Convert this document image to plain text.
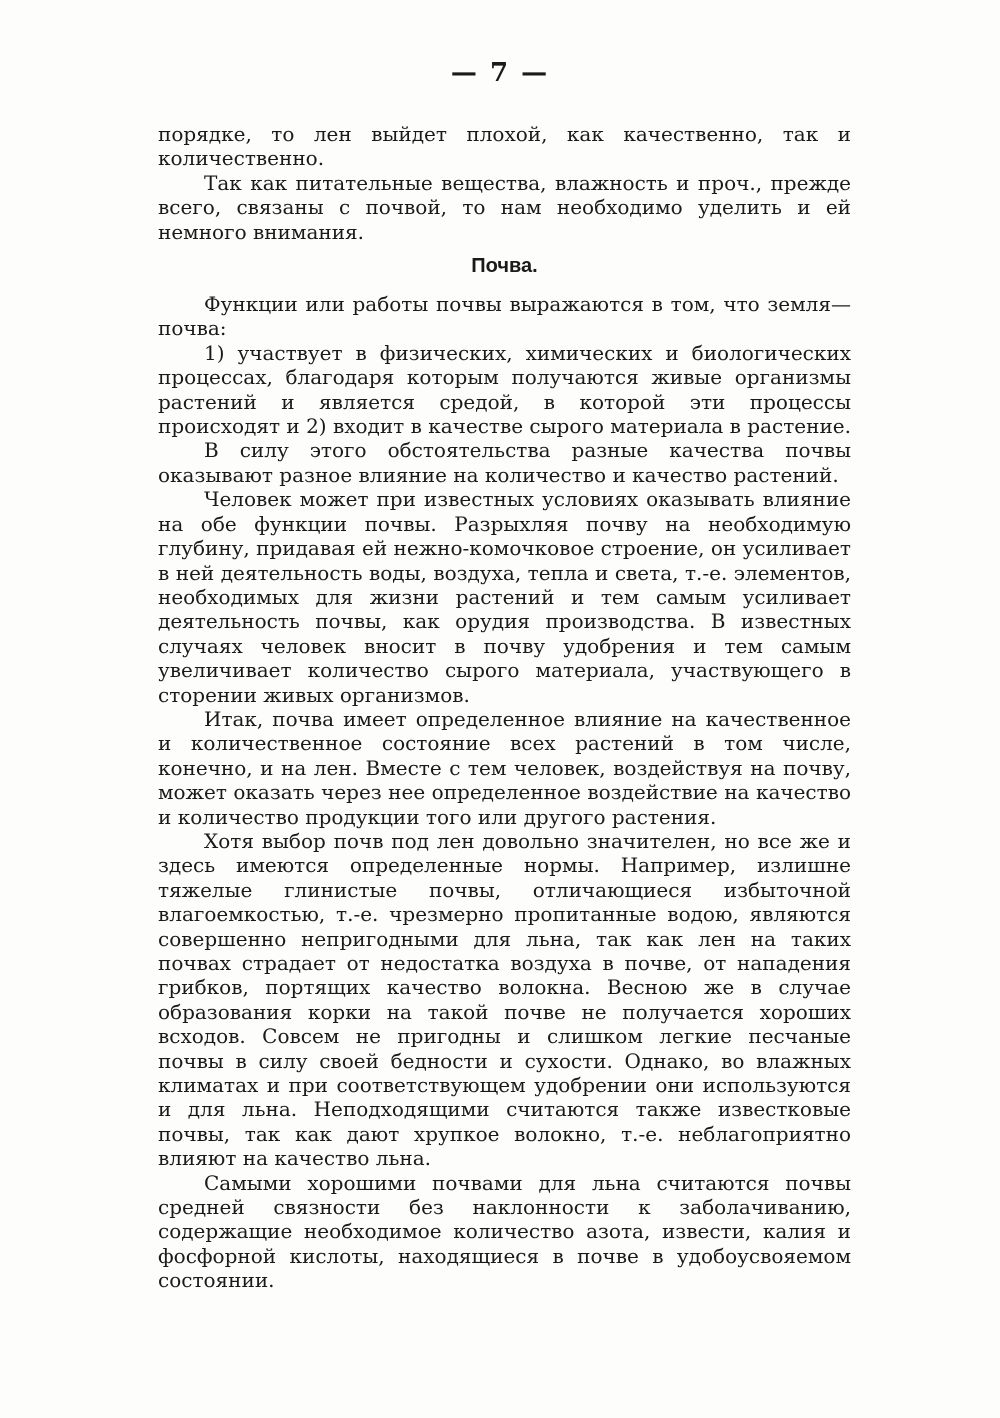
— 7 —

порядке, то лен выйдет плохой, как качественно, так и количественно.

Так как питательные вещества, влажность и проч., прежде всего, связаны с почвой, то нам необходимо уделить и ей немного внимания.

Почва.

Функции или работы почвы выражаются в том, что земля—почва:

1) участвует в физических, химических и биологических процессах, благодаря которым получаются живые организмы растений и является средой, в которой эти процессы происходят и 2) входит в качестве сырого материала в растение.

В силу этого обстоятельства разные качества почвы оказывают разное влияние на количество и качество растений.

Человек может при известных условиях оказывать влияние на обе функции почвы. Разрыхляя почву на необходимую глубину, придавая ей нежно-комочковое строение, он усиливает в ней деятельность воды, воздуха, тепла и света, т.-е. элементов, необходимых для жизни растений и тем самым усиливает деятельность почвы, как орудия производства. В известных случаях человек вносит в почву удобрения и тем самым увеличивает количество сырого материала, участвующего в сторении живых организмов.

Итак, почва имеет определенное влияние на качественное и количественное состояние всех растений в том числе, конечно, и на лен. Вместе с тем человек, воздействуя на почву, может оказать через нее определенное воздействие на качество и количество продукции того или другого растения.

Хотя выбор почв под лен довольно значителен, но все же и здесь имеются определенные нормы. Например, излишне тяжелые глинистые почвы, отличающиеся избыточной влагоемкостью, т.-е. чрезмерно пропитанные водою, являются совершенно непригодными для льна, так как лен на таких почвах страдает от недостатка воздуха в почве, от нападения грибков, портящих качество волокна. Весною же в случае образования корки на такой почве не получается хороших всходов. Совсем не пригодны и слишком легкие песчаные почвы в силу своей бедности и сухости. Однако, во влажных климатах и при соответствующем удобрении они используются и для льна. Неподходящими считаются также известковые почвы, так как дают хрупкое волокно, т.-е. неблагоприятно влияют на качество льна.

Самыми хорошими почвами для льна считаются почвы средней связности без наклонности к заболачиванию, содержащие необходимое количество азота, извести, калия и фосфорной кислоты, находящиеся в почве в удобоусвояемом состоянии.
